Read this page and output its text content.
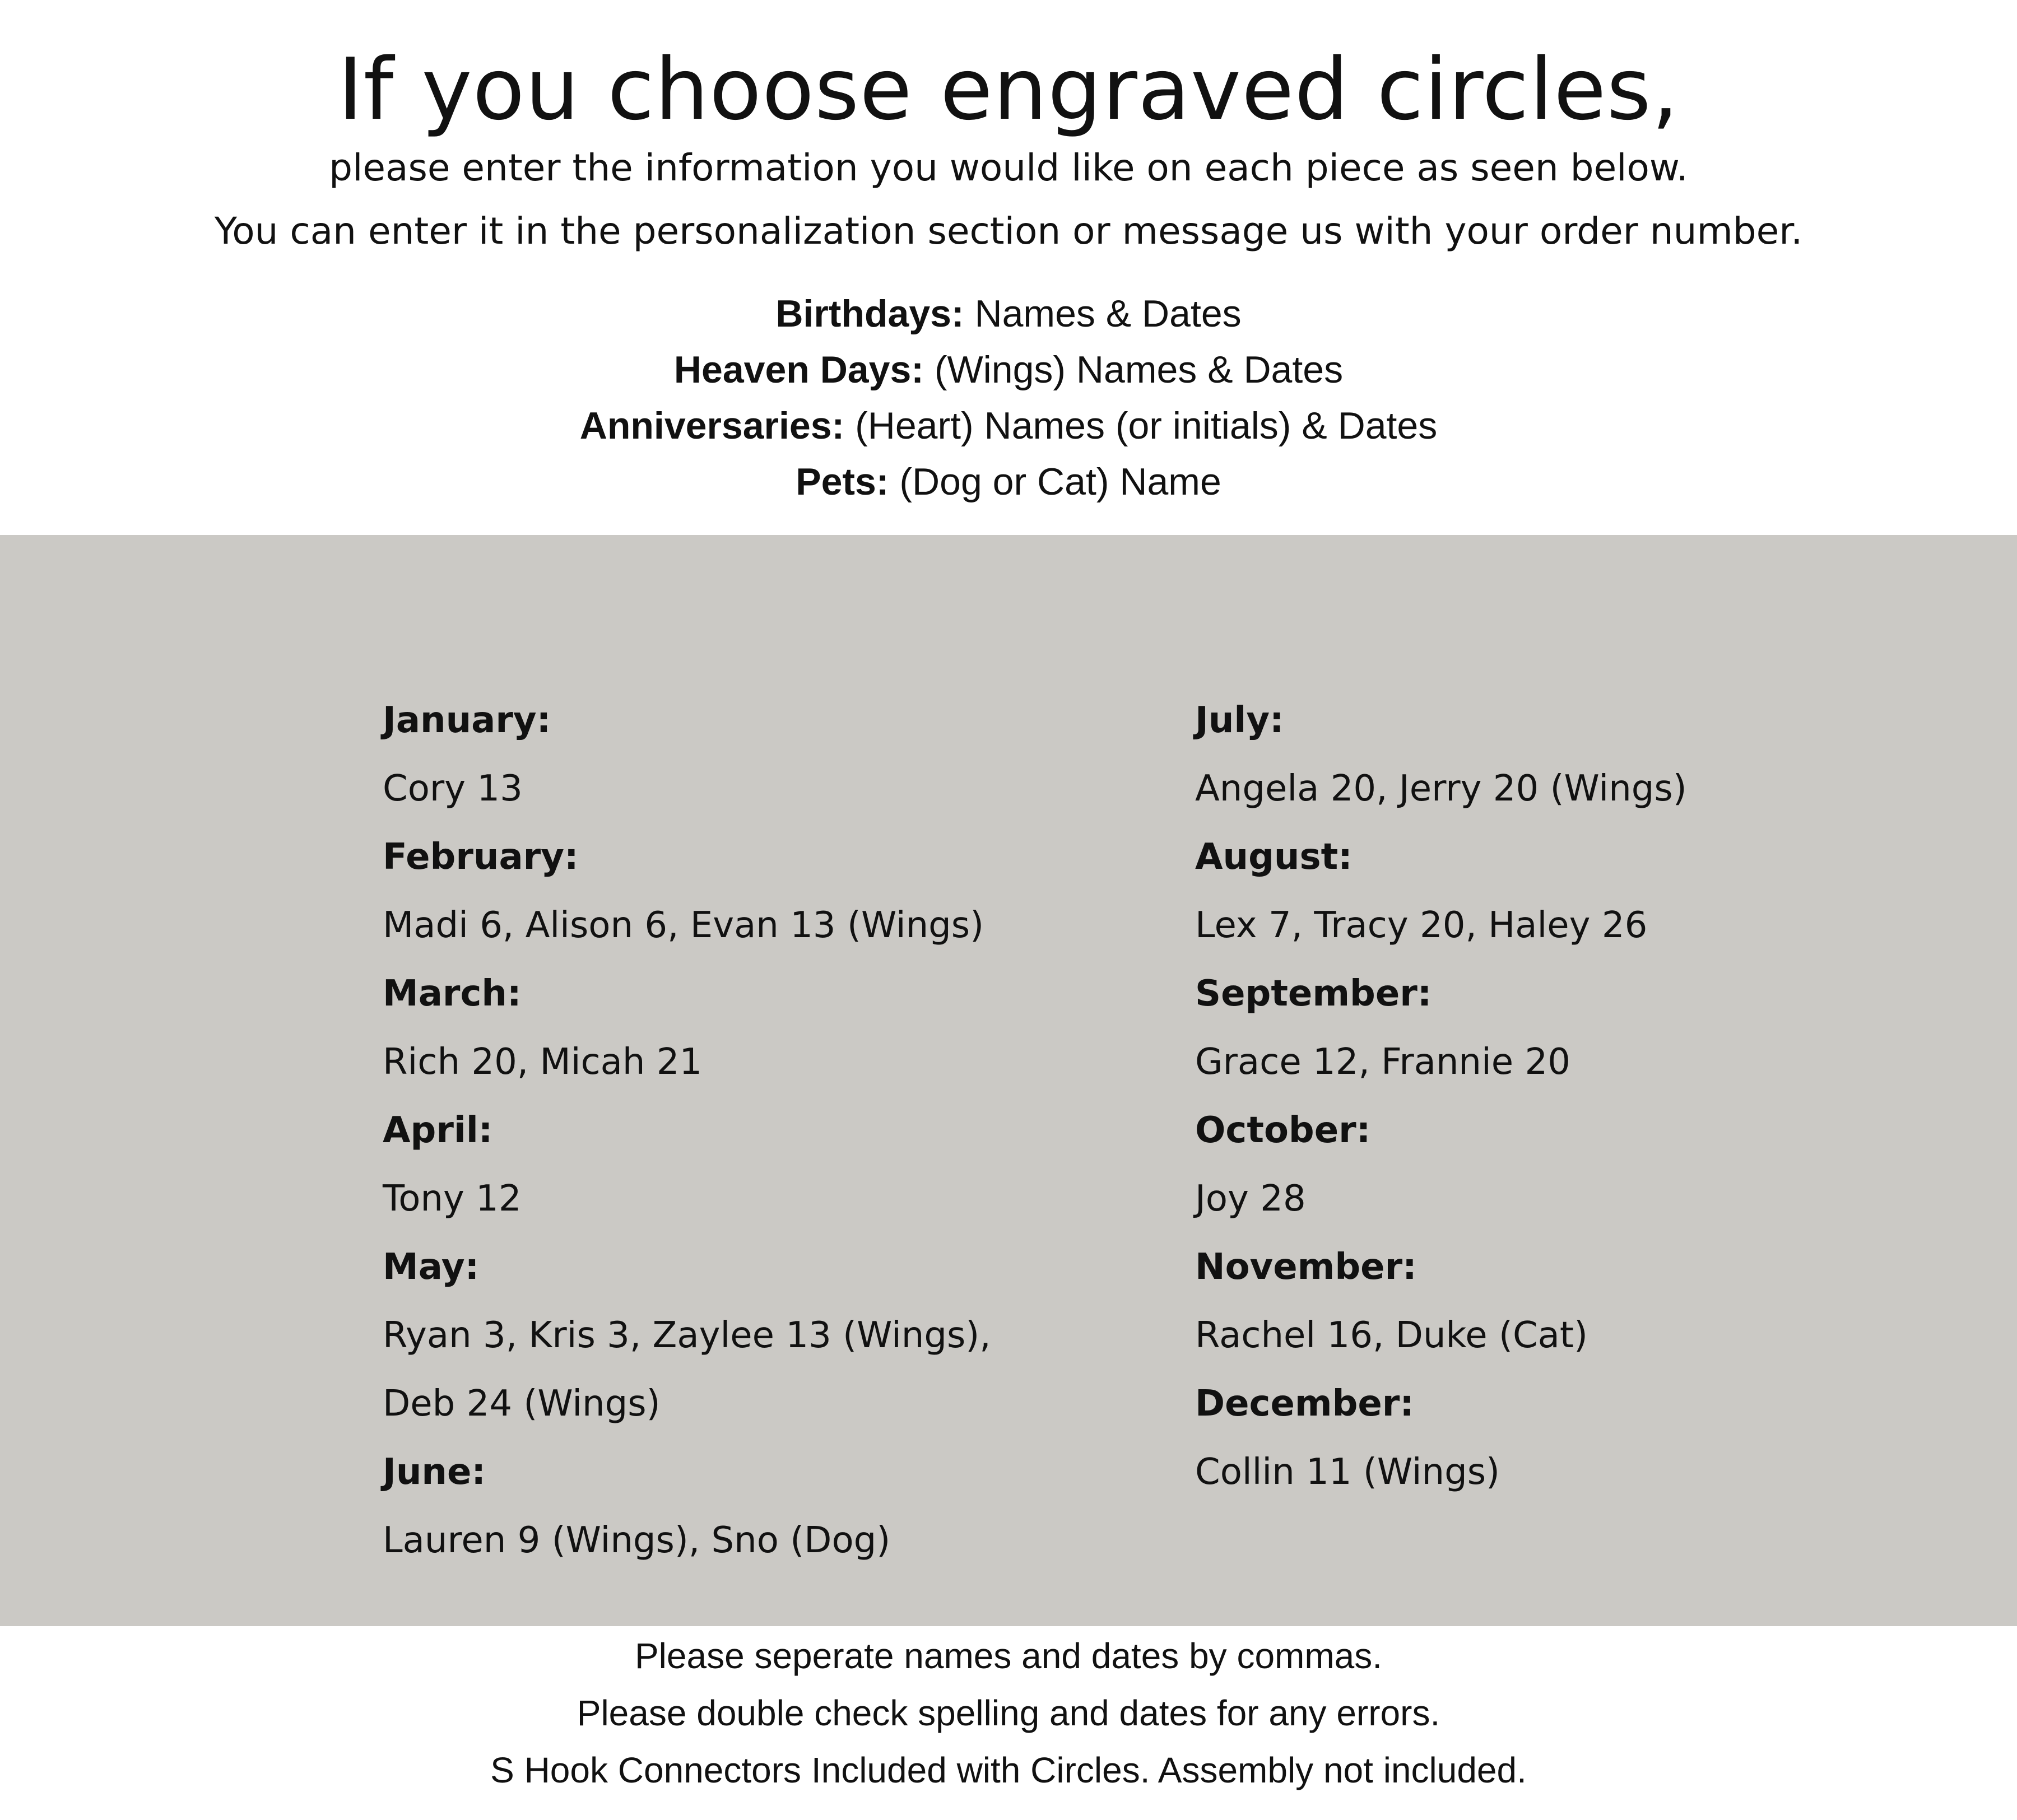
If you choose engraved circles,
please enter the information you would like on each piece as seen below.
You can enter it in the personalization section or message us with your order number.
Birthdays: Names & Dates
Heaven Days: (Wings) Names & Dates
Anniversaries: (Heart) Names (or initials) & Dates
Pets: (Dog or Cat) Name
January:
Cory 13
February:
Madi 6, Alison 6, Evan 13 (Wings)
March:
Rich 20, Micah 21
April:
Tony 12
May:
Ryan 3, Kris 3, Zaylee 13 (Wings),
Deb 24 (Wings)
June:
Lauren 9 (Wings), Sno (Dog)
July:
Angela 20, Jerry 20 (Wings)
August:
Lex 7, Tracy 20, Haley 26
September:
Grace 12, Frannie 20
October:
Joy 28
November:
Rachel 16, Duke (Cat)
December:
Collin 11 (Wings)
Please seperate names and dates by commas.
Please double check spelling and dates for any errors.
S Hook Connectors Included with Circles. Assembly not included.
